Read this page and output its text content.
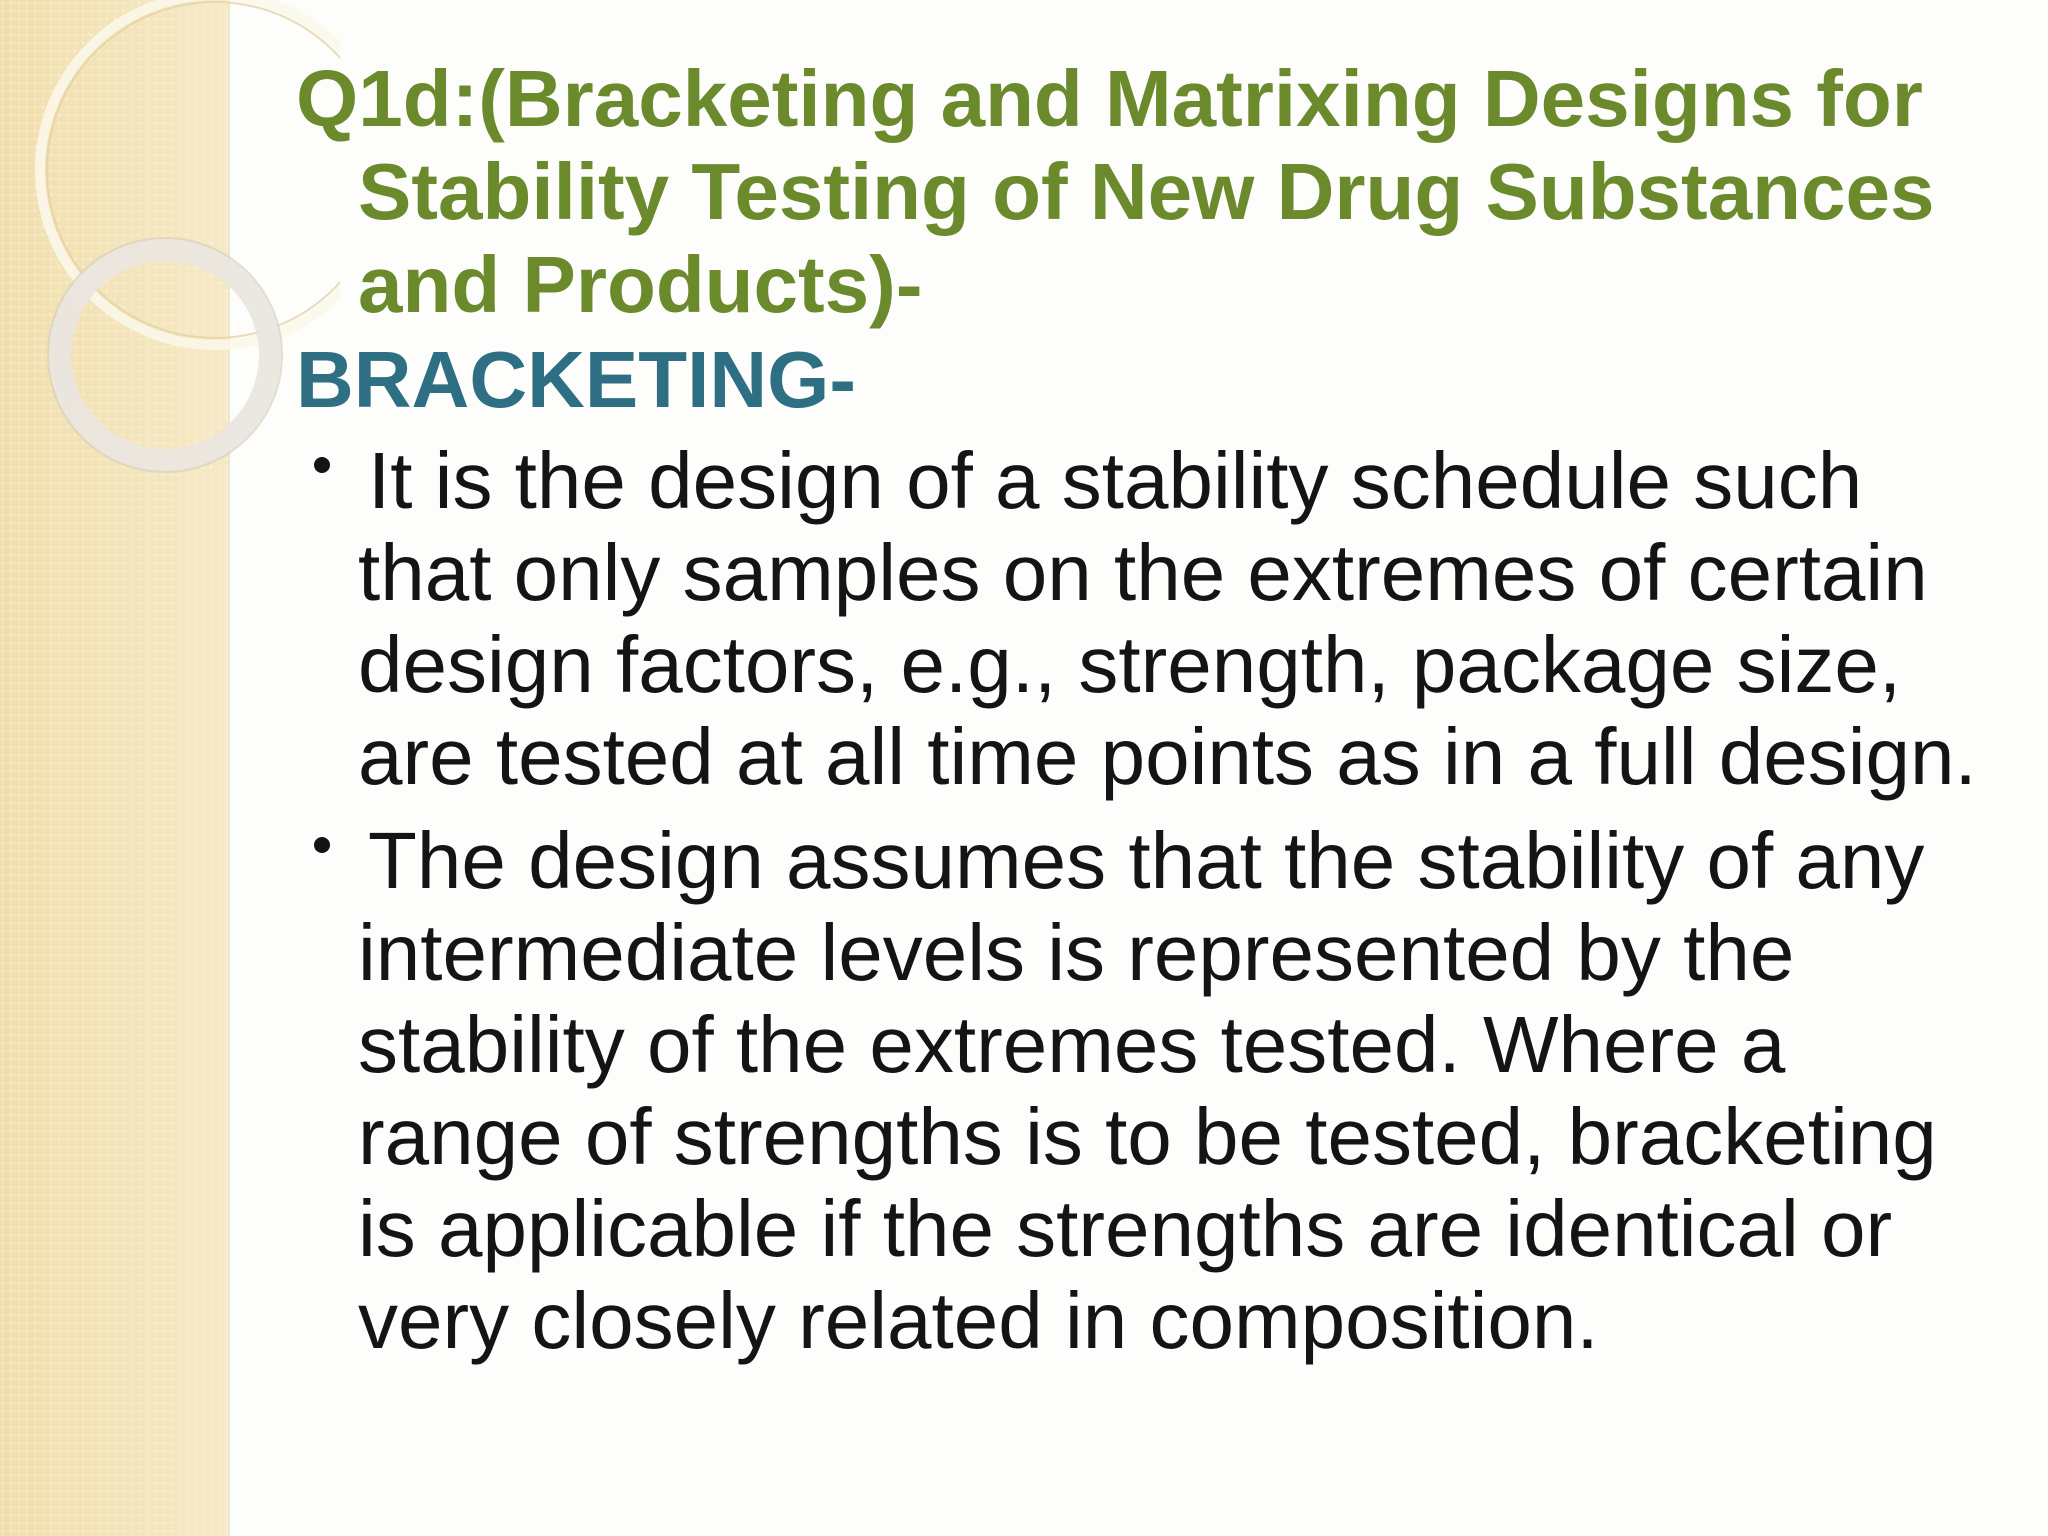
Q1d:(Bracketing and Matrixing Designs for Stability Testing of New Drug Substances and Products)-
BRACKETING-
It is the design of a stability schedule such that only samples on the extremes of certain design factors, e.g., strength, package size, are tested at all time points as in a full design.
The design assumes that the stability of any intermediate levels is represented by the stability of the extremes tested. Where a range of strengths is to be tested, bracketing is applicable if the strengths are identical or very closely related in composition.
